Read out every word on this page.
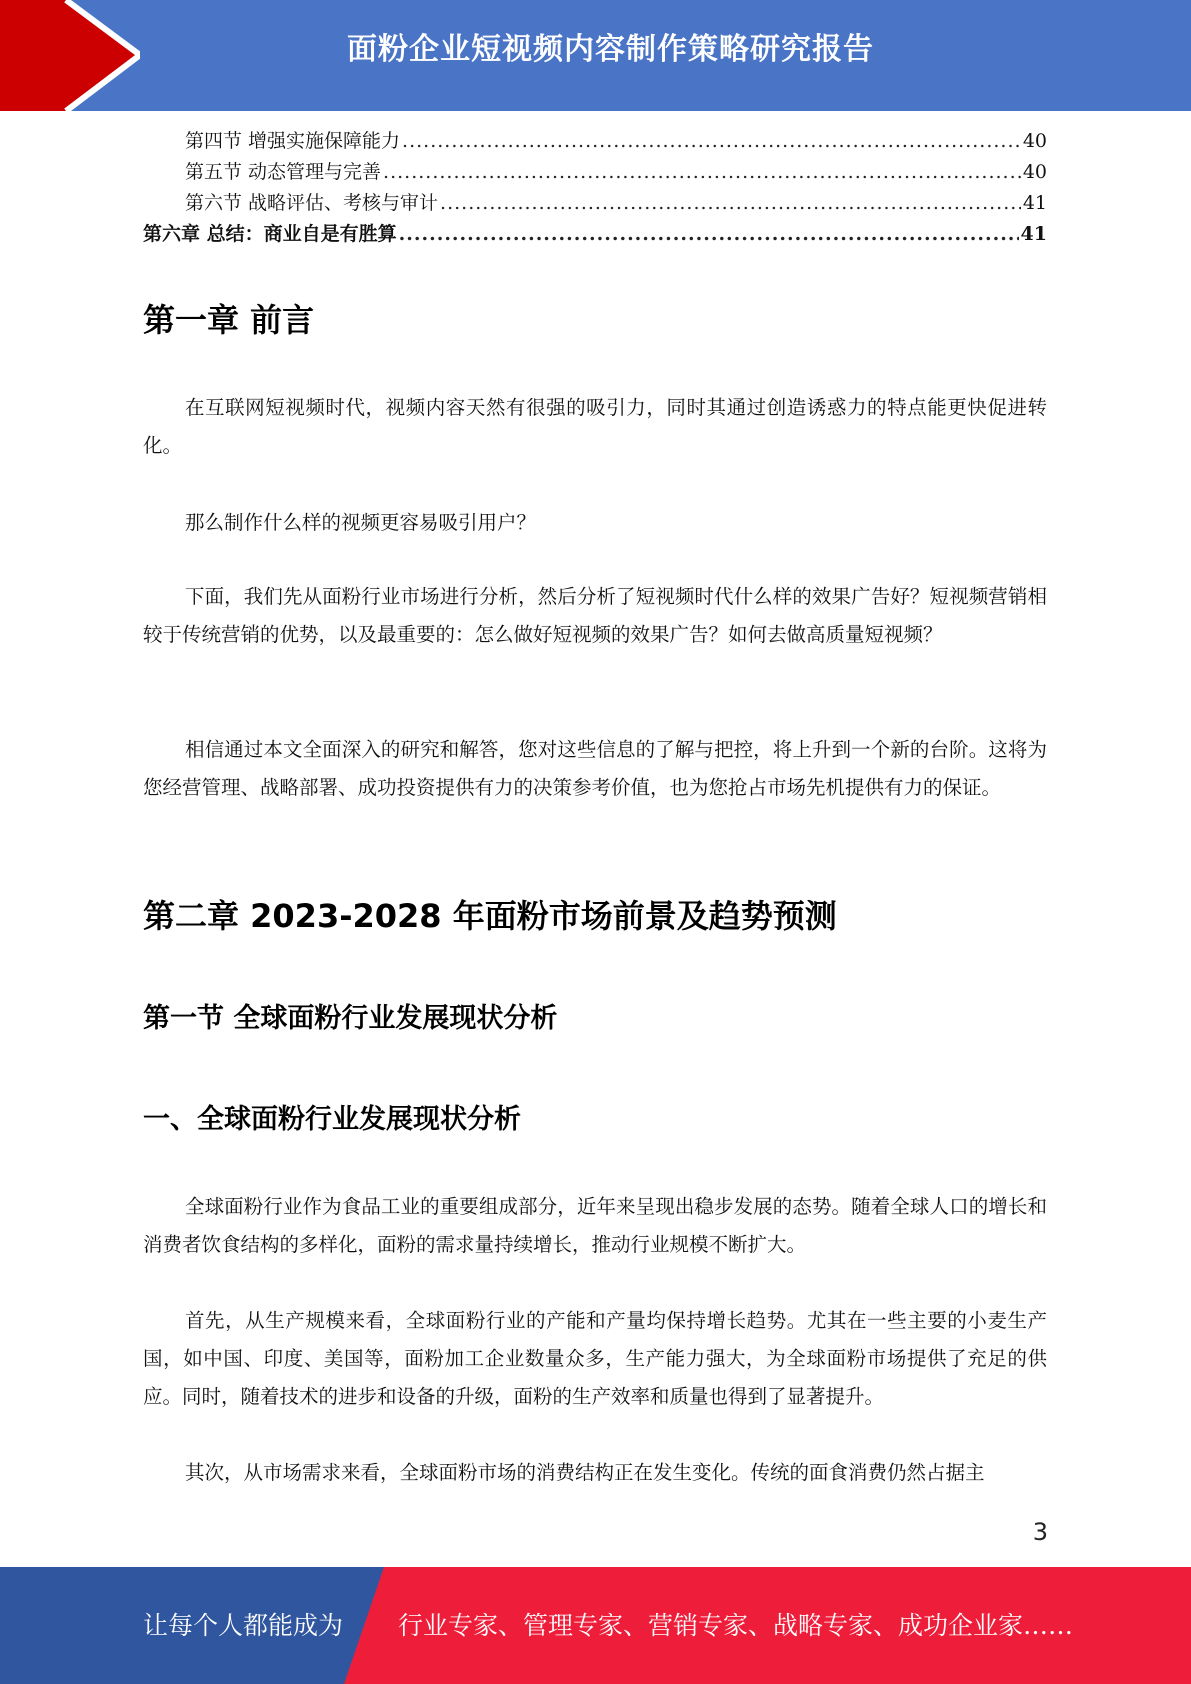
面粉企业短视频内容制作策略研究报告
第四节 增强实施保障能力 .....	40
第五节 动态管理与完善 .....	40
第六节 战略评估、考核与审计 .....	41
第六章 总结：商业自是有胜算 .....	41
第一章 前言

在互联网短视频时代，视频内容天然有很强的吸引力，同时其通过创造诱惑力的特点能更快促进转化。

那么制作什么样的视频更容易吸引用户？

下面，我们先从面粉行业市场进行分析，然后分析了短视频时代什么样的效果广告好？短视频营销相较于传统营销的优势，以及最重要的：怎么做好短视频的效果广告？如何去做高质量短视频？

相信通过本文全面深入的研究和解答，您对这些信息的了解与把控，将上升到一个新的台阶。这将为您经营管理、战略部署、成功投资提供有力的决策参考价值，也为您抢占市场先机提供有力的保证。

第二章 2023-2028 年面粉市场前景及趋势预测
第一节 全球面粉行业发展现状分析
一、全球面粉行业发展现状分析

全球面粉行业作为食品工业的重要组成部分，近年来呈现出稳步发展的态势。随着全球人口的增长和消费者饮食结构的多样化，面粉的需求量持续增长，推动行业规模不断扩大。

首先，从生产规模来看，全球面粉行业的产能和产量均保持增长趋势。尤其在一些主要的小麦生产国，如中国、印度、美国等，面粉加工企业数量众多，生产能力强大，为全球面粉市场提供了充足的供应。同时，随着技术的进步和设备的升级，面粉的生产效率和质量也得到了显著提升。

其次，从市场需求来看，全球面粉市场的消费结构正在发生变化。传统的面食消费仍然占据主

3
让每个人都能成为 行业专家、管理专家、营销专家、战略专家、成功企业家……
